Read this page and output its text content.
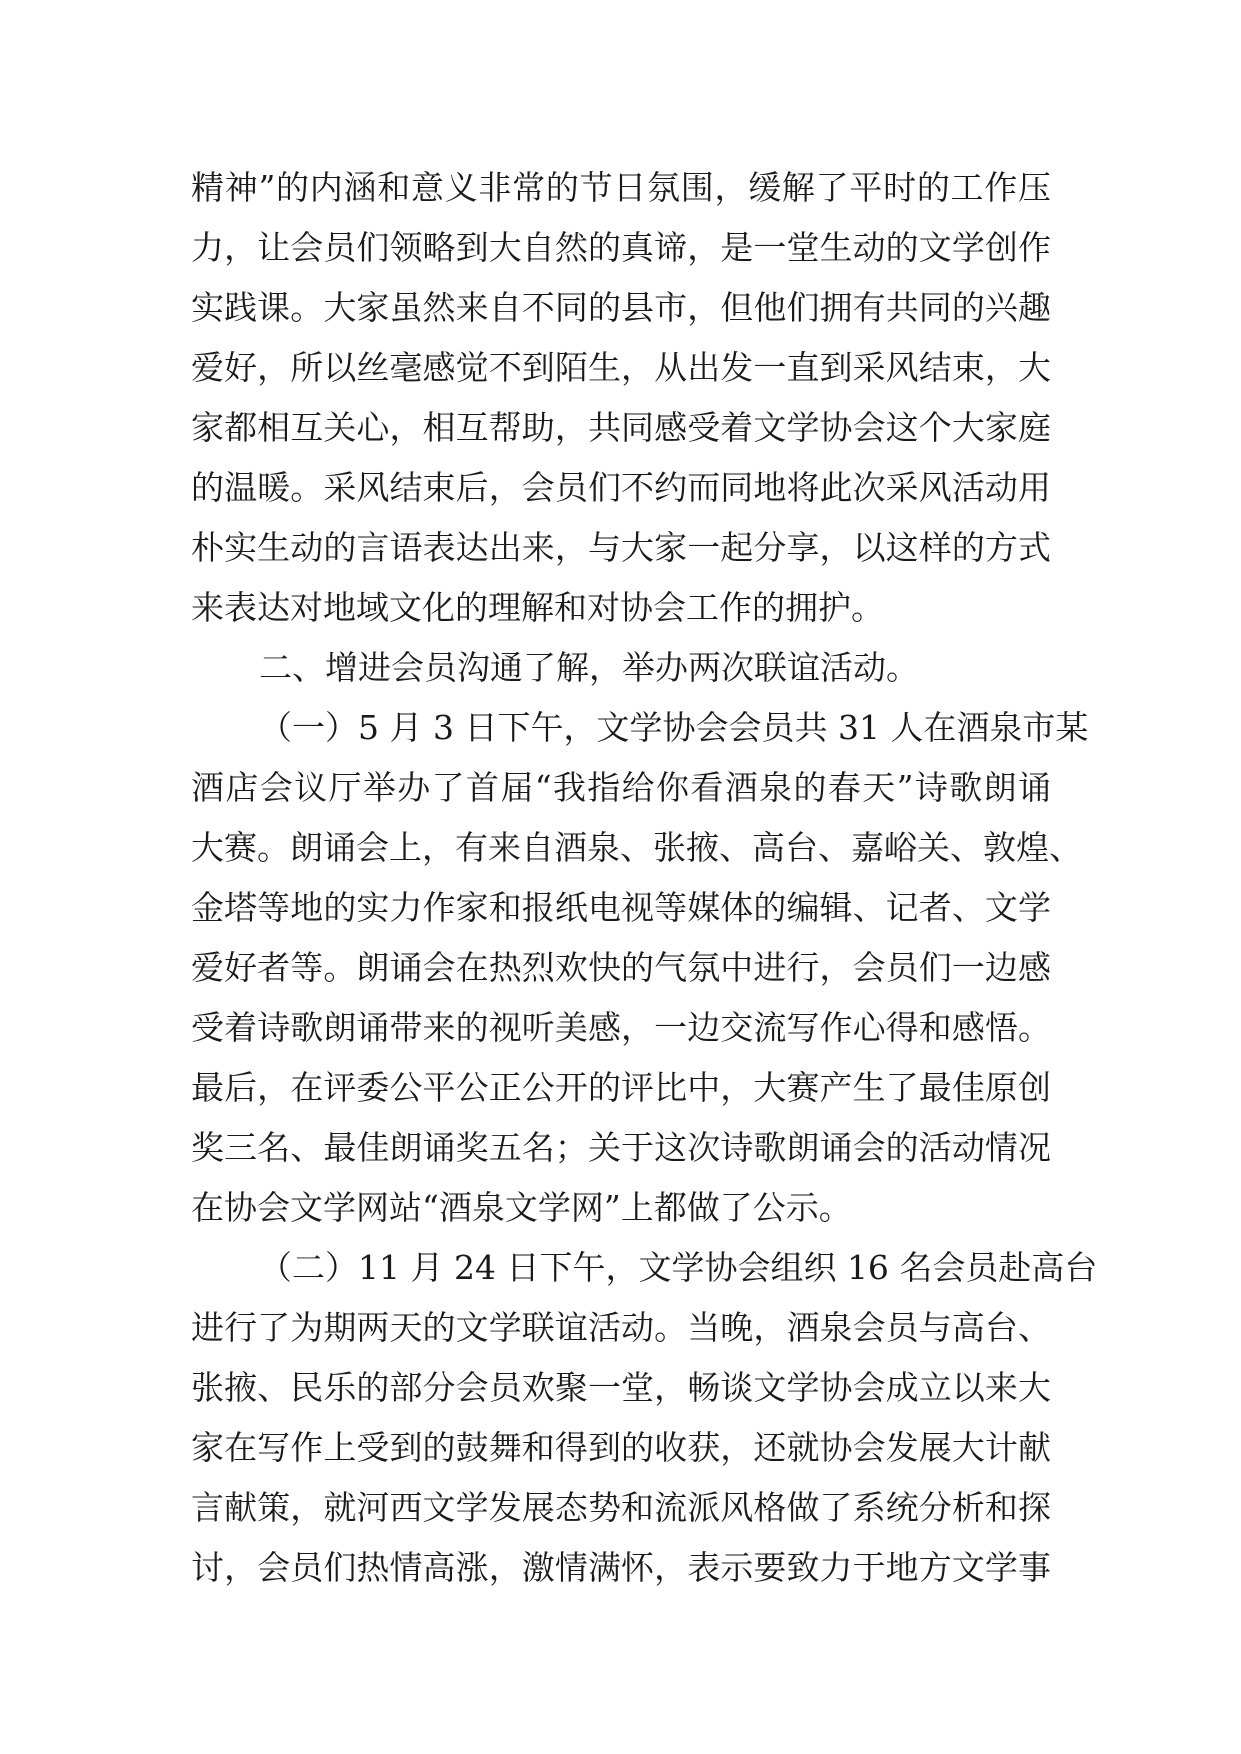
精神”的内涵和意义非常的节日氛围，缓解了平时的工作压
力，让会员们领略到大自然的真谛，是一堂生动的文学创作
实践课。大家虽然来自不同的县市，但他们拥有共同的兴趣
爱好，所以丝毫感觉不到陌生，从出发一直到采风结束，大
家都相互关心，相互帮助，共同感受着文学协会这个大家庭
的温暖。采风结束后，会员们不约而同地将此次采风活动用
朴实生动的言语表达出来，与大家一起分享，以这样的方式
来表达对地域文化的理解和对协会工作的拥护。
二、增进会员沟通了解，举办两次联谊活动。
（一）5 月 3 日下午，文学协会会员共 31 人在酒泉市某
酒店会议厅举办了首届“我指给你看酒泉的春天”诗歌朗诵
大赛。朗诵会上，有来自酒泉、张掖、高台、嘉峪关、敦煌、
金塔等地的实力作家和报纸电视等媒体的编辑、记者、文学
爱好者等。朗诵会在热烈欢快的气氛中进行，会员们一边感
受着诗歌朗诵带来的视听美感，一边交流写作心得和感悟。
最后，在评委公平公正公开的评比中，大赛产生了最佳原创
奖三名、最佳朗诵奖五名；关于这次诗歌朗诵会的活动情况
在协会文学网站“酒泉文学网”上都做了公示。
（二）11 月 24 日下午，文学协会组织 16 名会员赴高台
进行了为期两天的文学联谊活动。当晚，酒泉会员与高台、
张掖、民乐的部分会员欢聚一堂，畅谈文学协会成立以来大
家在写作上受到的鼓舞和得到的收获，还就协会发展大计献
言献策，就河西文学发展态势和流派风格做了系统分析和探
讨，会员们热情高涨，激情满怀，表示要致力于地方文学事
